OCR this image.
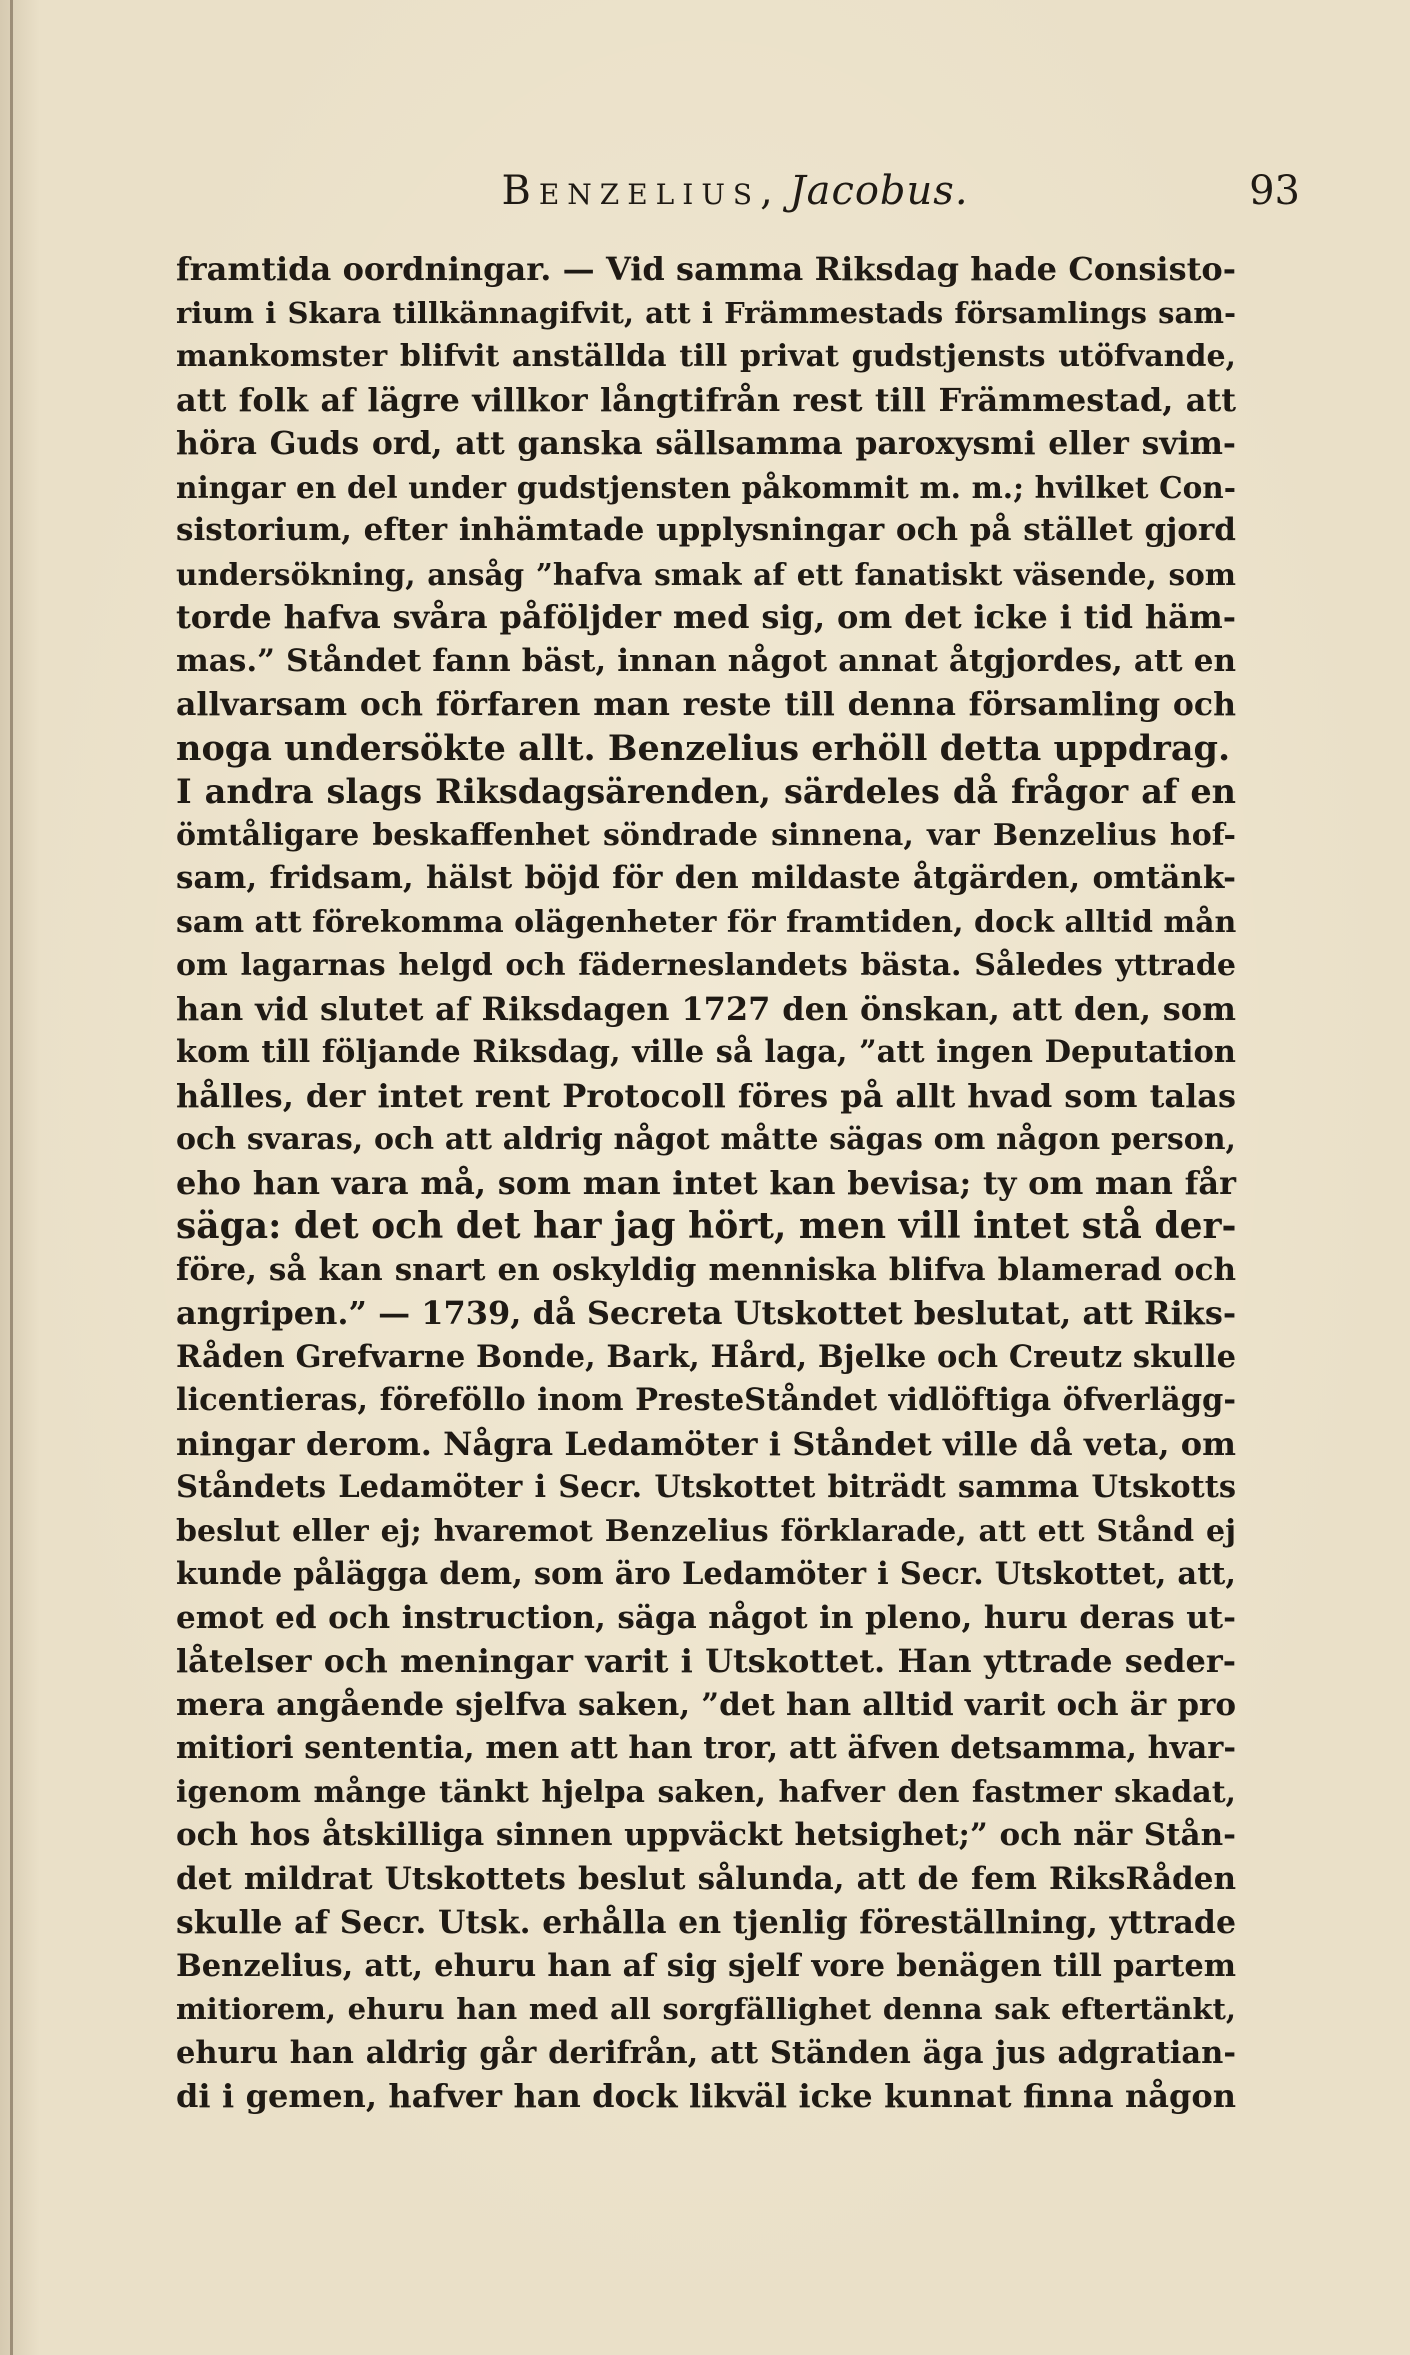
Benzelius, Jacobus.	93
framtida oordningar. — Vid samma Riksdag hade Consisto-
rium i Skara tillkännagifvit, att i Främmestads församlings sam-
mankomster blifvit anställda till privat gudstjensts utöfvande,
att folk af lägre villkor långtifrån rest till Främmestad, att
höra Guds ord, att ganska sällsamma paroxysmi eller svim-
ningar en del under gudstjensten påkommit m. m.; hvilket Con-
sistorium, efter inhämtade upplysningar och på stället gjord
undersökning, ansåg ”hafva smak af ett fanatiskt väsende, som
torde hafva svåra påföljder med sig, om det icke i tid häm-
mas.” Ståndet fann bäst, innan något annat åtgjordes, att en
allvarsam och förfaren man reste till denna församling och
noga undersökte allt. Benzelius erhöll detta uppdrag.
I andra slags Riksdagsärenden, särdeles då frågor af en
ömtåligare beskaffenhet söndrade sinnena, var Benzelius hof-
sam, fridsam, hälst böjd för den mildaste åtgärden, omtänk-
sam att förekomma olägenheter för framtiden, dock alltid mån
om lagarnas helgd och fäderneslandets bästa. Således yttrade
han vid slutet af Riksdagen 1727 den önskan, att den, som
kom till följande Riksdag, ville så laga, ”att ingen Deputation
hålles, der intet rent Protocoll föres på allt hvad som talas
och svaras, och att aldrig något måtte sägas om någon person,
eho han vara må, som man intet kan bevisa; ty om man får
säga: det och det har jag hört, men vill intet stå der-
före, så kan snart en oskyldig menniska blifva blamerad och
angripen.” — 1739, då Secreta Utskottet beslutat, att Riks-
Råden Grefvarne Bonde, Bark, Hård, Bjelke och Creutz skulle
licentieras, föreföllo inom PresteStåndet vidlöftiga öfverlägg-
ningar derom. Några Ledamöter i Ståndet ville då veta, om
Ståndets Ledamöter i Secr. Utskottet biträdt samma Utskotts
beslut eller ej; hvaremot Benzelius förklarade, att ett Stånd ej
kunde pålägga dem, som äro Ledamöter i Secr. Utskottet, att,
emot ed och instruction, säga något in pleno, huru deras ut-
låtelser och meningar varit i Utskottet. Han yttrade seder-
mera angående sjelfva saken, ”det han alltid varit och är pro
mitiori sententia, men att han tror, att äfven detsamma, hvar-
igenom månge tänkt hjelpa saken, hafver den fastmer skadat,
och hos åtskilliga sinnen uppväckt hetsighet;” och när Stån-
det mildrat Utskottets beslut sålunda, att de fem RiksRåden
skulle af Secr. Utsk. erhålla en tjenlig föreställning, yttrade
Benzelius, att, ehuru han af sig sjelf vore benägen till partem
mitiorem, ehuru han med all sorgfällighet denna sak eftertänkt,
ehuru han aldrig går derifrån, att Ständen äga jus adgratian-
di i gemen, hafver han dock likväl icke kunnat finna någon
